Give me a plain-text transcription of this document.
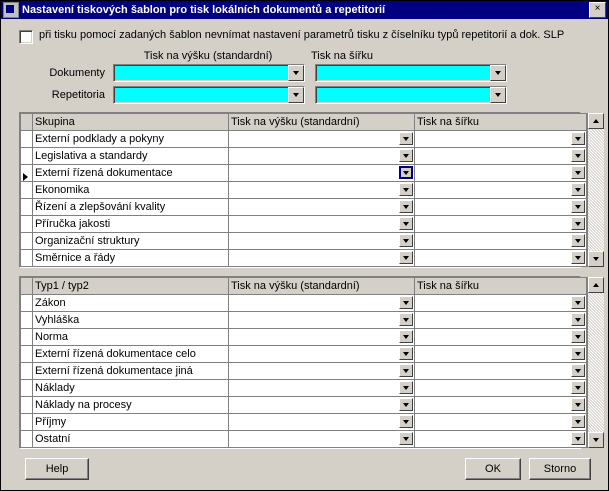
Nastavení tiskových šablon pro tisk lokálních dokumentů a repetitorií	×
při tisku pomocí zadaných šablon nevnímat nastavení parametrů tisku z číselníku typů repetitorií a dok. SLP
Tisk na výšku (standardní)	Tisk na šířku
Dokumenty
Repetitoria
	Skupina	Tisk na výšku (standardní)	Tisk na šířku
	Externí podklady a pokyny	

	Legislativa a standardy	

	Externí řízená dokumentace	

	Ekonomika	

	Řízení a zlepšování kvality	

	Příručka jakosti	

	Organizační struktury	

	Směrnice a řády	

	Typ1 / typ2	Tisk na výšku (standardní)	Tisk na šířku
	Zákon	

	Vyhláška	

	Norma	

	Externí řízená dokumentace celo	

	Externí řízená dokumentace jiná	

	Náklady	

	Náklady na procesy	

	Příjmy	

	Ostatní	

Help	OK	Storno
